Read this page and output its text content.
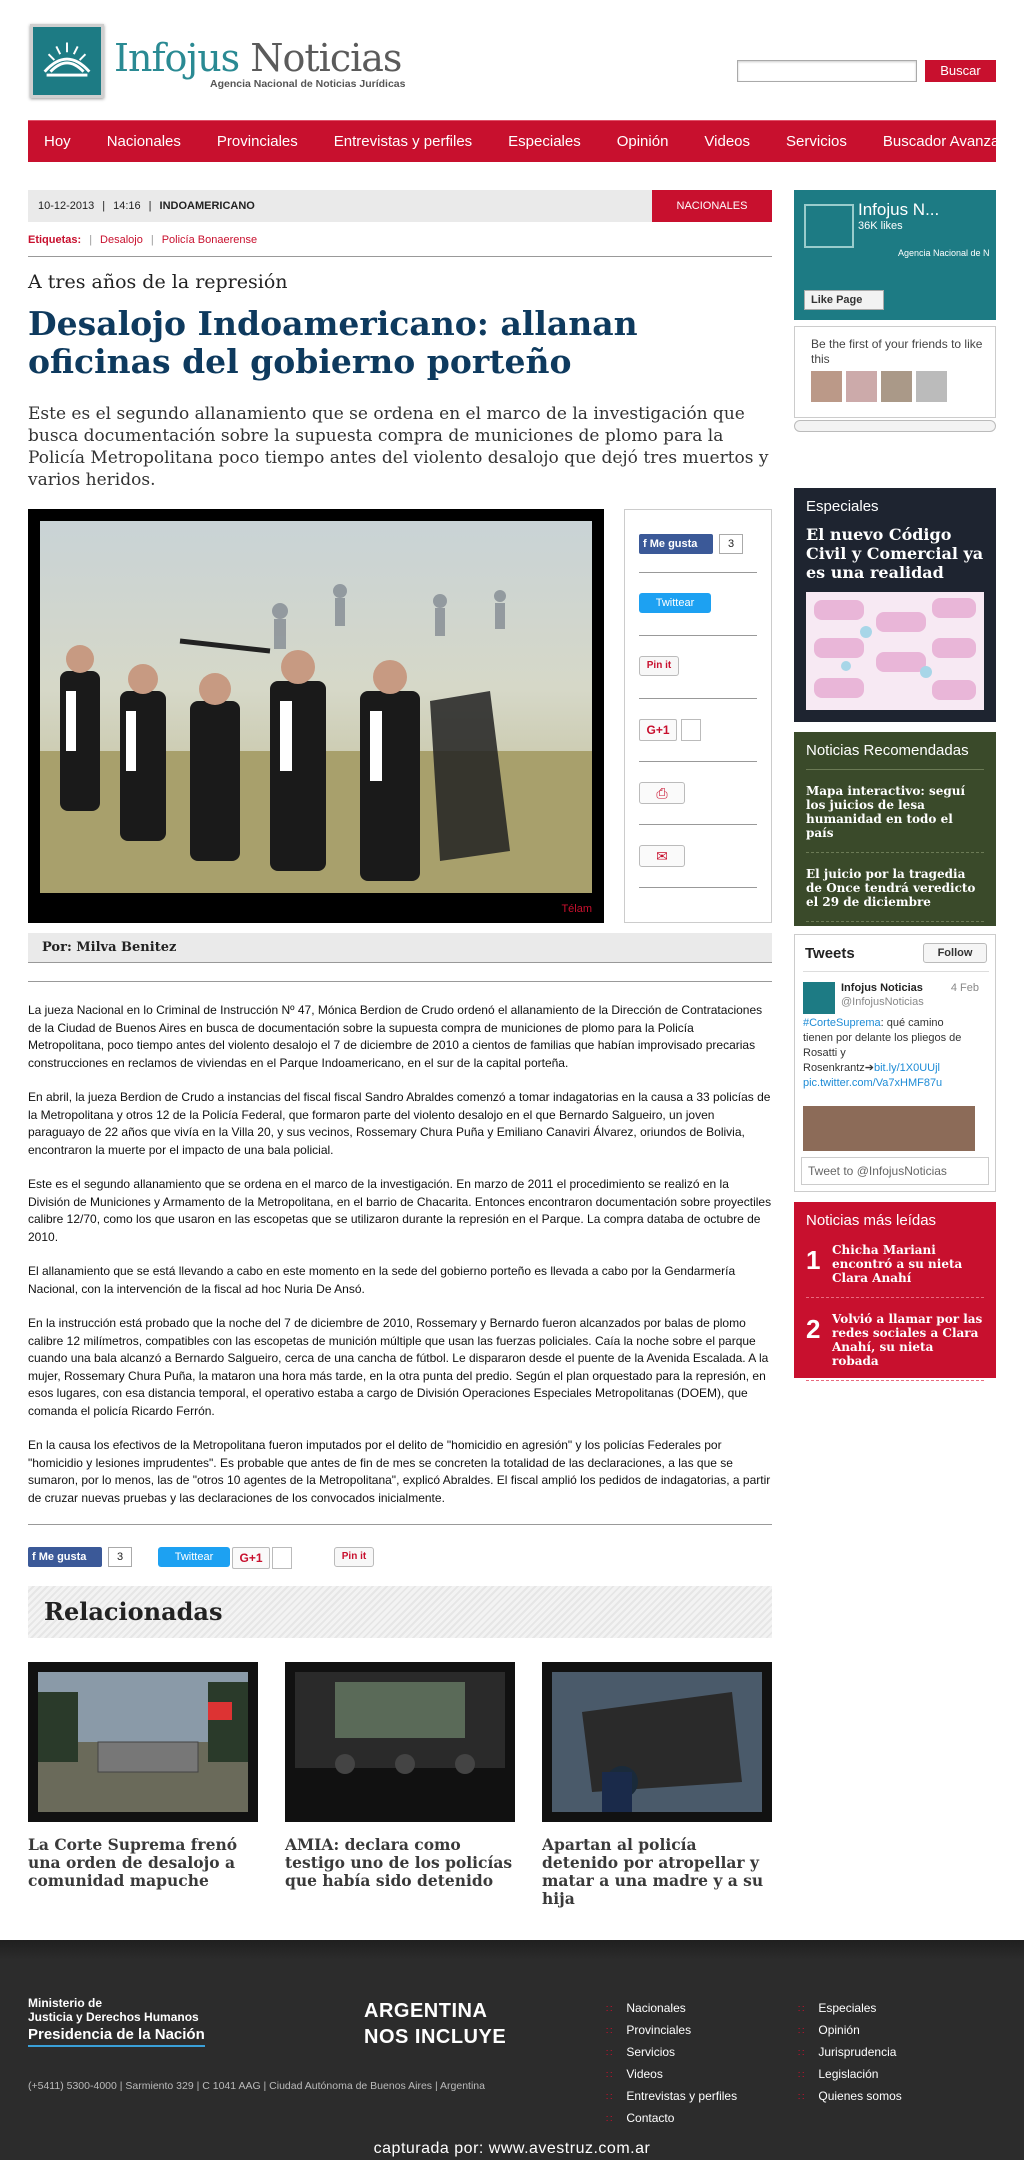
Infojus Noticias
Agencia Nacional de Noticias Jurídicas
Buscar
Hoy Nacionales Provinciales Entrevistas y perfiles Especiales Opinión Videos Servicios Buscador Avanzado
10-12-2013 | 14:16 | INDOAMERICANO	NACIONALES
Etiquetas: | Desalojo | Policía Bonaerense
A tres años de la represión
Desalojo Indoamericano: allanan oficinas del gobierno porteño

Este es el segundo allanamiento que se ordena en el marco de la investigación que busca documentación sobre la supuesta compra de municiones de plomo para la Policía Metropolitana poco tiempo antes del violento desalojo que dejó tres muertos y varios heridos.

Télam
f Me gusta	3
Twittear
Pin it
G+1
⎙
✉
Por: Milva Benitez

La jueza Nacional en lo Criminal de Instrucción Nº 47, Mónica Berdion de Crudo ordenó el allanamiento de la Dirección de Contrataciones de la Ciudad de Buenos Aires en busca de documentación sobre la supuesta compra de municiones de plomo para la Policía Metropolitana, poco tiempo antes del violento desalojo el 7 de diciembre de 2010 a cientos de familias que habían improvisado precarias construcciones en reclamos de viviendas en el Parque Indoamericano, en el sur de la capital porteña.

En abril, la jueza Berdion de Crudo a instancias del fiscal fiscal Sandro Abraldes comenzó a tomar indagatorias en la causa a 33 policías de la Metropolitana y otros 12 de la Policía Federal, que formaron parte del violento desalojo en el que Bernardo Salgueiro, un joven paraguayo de 22 años que vivía en la Villa 20, y sus vecinos, Rossemary Chura Puña y Emiliano Canaviri Álvarez, oriundos de Bolivia, encontraron la muerte por el impacto de una bala policial.

Este es el segundo allanamiento que se ordena en el marco de la investigación. En marzo de 2011 el procedimiento se realizó en la División de Municiones y Armamento de la Metropolitana, en el barrio de Chacarita. Entonces encontraron documentación sobre proyectiles calibre 12/70, como los que usaron en las escopetas que se utilizaron durante la represión en el Parque. La compra databa de octubre de 2010.

El allanamiento que se está llevando a cabo en este momento en la sede del gobierno porteño es llevada a cabo por la Gendarmería Nacional, con la intervención de la fiscal ad hoc Nuria De Ansó.

En la instrucción está probado que la noche del 7 de diciembre de 2010, Rossemary y Bernardo fueron alcanzados por balas de plomo calibre 12 milímetros, compatibles con las escopetas de munición múltiple que usan las fuerzas policiales. Caía la noche sobre el parque cuando una bala alcanzó a Bernardo Salgueiro, cerca de una cancha de fútbol. Le dispararon desde el puente de la Avenida Escalada. A la mujer, Rossemary Chura Puña, la mataron una hora más tarde, en la otra punta del predio. Según el plan orquestado para la represión, en esos lugares, con esa distancia temporal, el operativo estaba a cargo de División Operaciones Especiales Metropolitanas (DOEM), que comanda el policía Ricardo Ferrón.

En la causa los efectivos de la Metropolitana fueron imputados por el delito de "homicidio en agresión" y los policías Federales por "homicidio y lesiones imprudentes". Es probable que antes de fin de mes se concreten la totalidad de las declaraciones, a las que se sumaron, por lo menos, las de "otros 10 agentes de la Metropolitana", explicó Abraldes. El fiscal amplió los pedidos de indagatorias, a partir de cruzar nuevas pruebas y las declaraciones de los convocados inicialmente.

f Me gusta	3	Twittear	G+1	Pin it
Relacionadas
La Corte Suprema frenó una orden de desalojo a comunidad mapuche
AMIA: declara como testigo uno de los policías que había sido detenido
Apartan al policía detenido por atropellar y matar a una madre y a su hija
Infojus N...
36K likes
Agencia Nacional de N
Like Page
Be the first of your friends to like this
Especiales
El nuevo Código Civil y Comercial ya es una realidad
Noticias Recomendadas
Mapa interactivo: seguí los juicios de lesa humanidad en todo el país
El juicio por la tragedia de Once tendrá veredicto el 29 de diciembre
Tweets	Follow
Infojus Noticias
@InfojusNoticias
4 Feb
#CorteSuprema: qué camino tienen por delante los pliegos de Rosatti y Rosenkrantz➔bit.ly/1X0UUjl
pic.twitter.com/Va7xHMF87u
Tweet to @InfojusNoticias
Noticias más leídas
1 Chicha Mariani encontró a su nieta Clara Anahí
2 Volvió a llamar por las redes sociales a Clara Anahí, su nieta robada
Ministerio de
Justicia y Derechos Humanos
Presidencia de la Nación
ARGENTINA
NOS INCLUYE
(+5411) 5300-4000 | Sarmiento 329 | C 1041 AAG | Ciudad Autónoma de Buenos Aires | Argentina
∷ Nacionales
∷ Provinciales
∷ Servicios
∷ Videos
∷ Entrevistas y perfiles
∷ Contacto
∷ Especiales
∷ Opinión
∷ Jurisprudencia
∷ Legislación
∷ Quienes somos
capturada por: www.avestruz.com.ar
